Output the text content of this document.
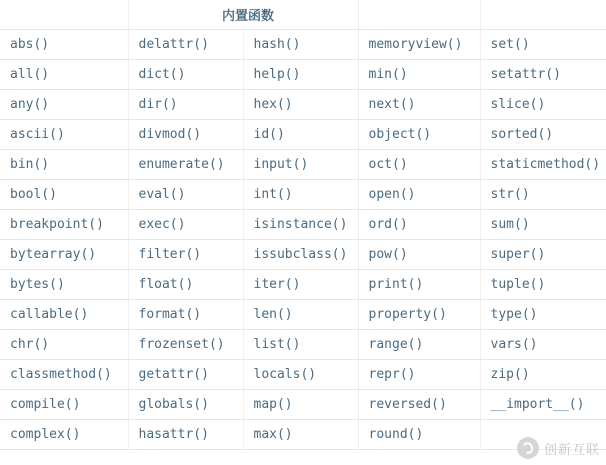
	内置函数			
abs()	delattr()	hash()	memoryview()	set()
all()	dict()	help()	min()	setattr()
any()	dir()	hex()	next()	slice()
ascii()	divmod()	id()	object()	sorted()
bin()	enumerate()	input()	oct()	staticmethod()
bool()	eval()	int()	open()	str()
breakpoint()	exec()	isinstance()	ord()	sum()
bytearray()	filter()	issubclass()	pow()	super()
bytes()	float()	iter()	print()	tuple()
callable()	format()	len()	property()	type()
chr()	frozenset()	list()	range()	vars()
classmethod()	getattr()	locals()	repr()	zip()
compile()	globals()	map()	reversed()	__import__()
complex()	hasattr()	max()	round()	
创新互联
